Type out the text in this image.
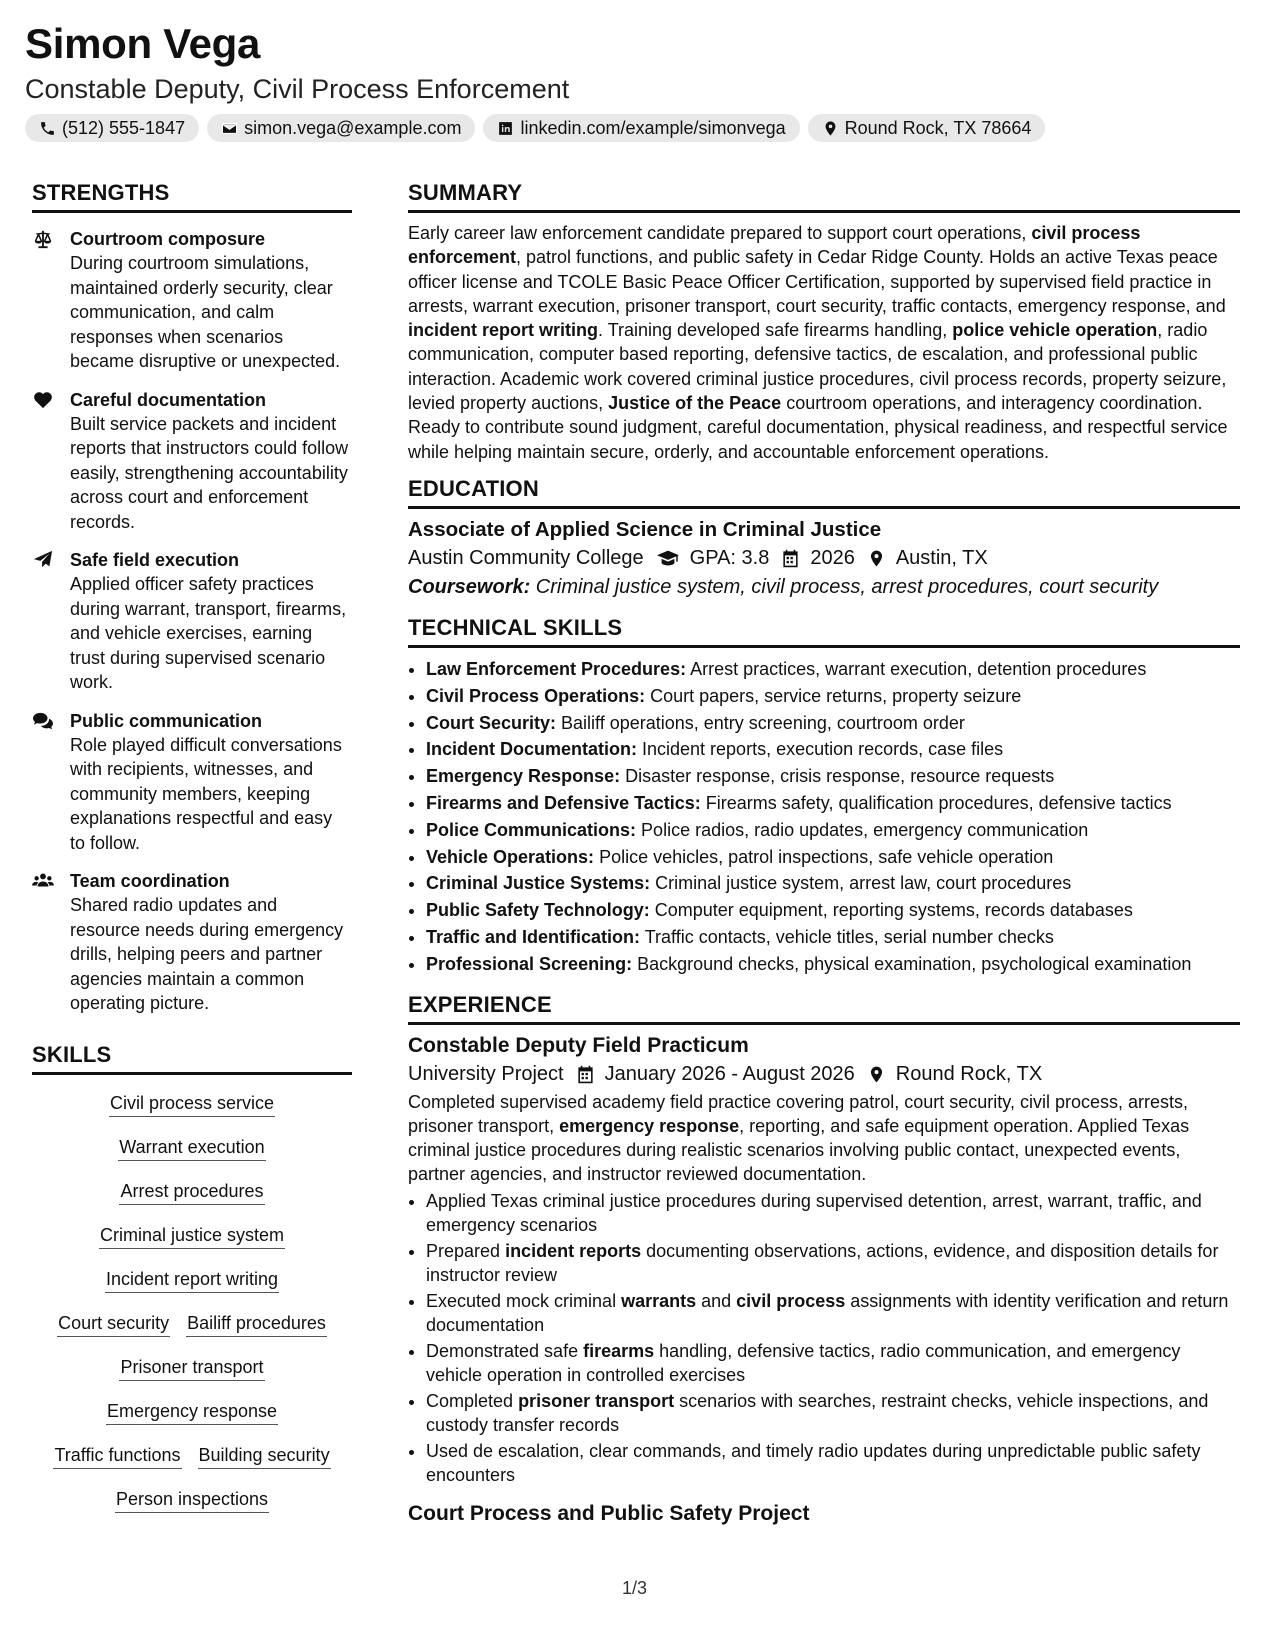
Simon Vega
Constable Deputy, Civil Process Enforcement
(512) 555-1847	simon.vega@example.com	linkedin.com/example/simonvega	Round Rock, TX 78664
STRENGTHS
Courtroom composure
During courtroom simulations, maintained orderly security, clear communication, and calm responses when scenarios became disruptive or unexpected.
Careful documentation
Built service packets and incident reports that instructors could follow easily, strengthening accountability across court and enforcement records.
Safe field execution
Applied officer safety practices during warrant, transport, firearms, and vehicle exercises, earning trust during supervised scenario work.
Public communication
Role played difficult conversations with recipients, witnesses, and community members, keeping explanations respectful and easy to follow.
Team coordination
Shared radio updates and resource needs during emergency drills, helping peers and partner agencies maintain a common operating picture.
SKILLS
Civil process service
Warrant execution
Arrest procedures
Criminal justice system
Incident report writing
Court security Bailiff procedures
Prisoner transport
Emergency response
Traffic functions Building security
Person inspections
SUMMARY
Early career law enforcement candidate prepared to support court operations, civil process enforcement, patrol functions, and public safety in Cedar Ridge County. Holds an active Texas peace officer license and TCOLE Basic Peace Officer Certification, supported by supervised field practice in arrests, warrant execution, prisoner transport, court security, traffic contacts, emergency response, and incident report writing. Training developed safe firearms handling, police vehicle operation, radio communication, computer based reporting, defensive tactics, de escalation, and professional public interaction. Academic work covered criminal justice procedures, civil process records, property seizure, levied property auctions, Justice of the Peace courtroom operations, and interagency coordination. Ready to contribute sound judgment, careful documentation, physical readiness, and respectful service while helping maintain secure, orderly, and accountable enforcement operations.
EDUCATION
Associate of Applied Science in Criminal Justice
Austin Community College GPA: 3.8 2026 Austin, TX
Coursework: Criminal justice system, civil process, arrest procedures, court security
TECHNICAL SKILLS
• Law Enforcement Procedures: Arrest practices, warrant execution, detention procedures
• Civil Process Operations: Court papers, service returns, property seizure
• Court Security: Bailiff operations, entry screening, courtroom order
• Incident Documentation: Incident reports, execution records, case files
• Emergency Response: Disaster response, crisis response, resource requests
• Firearms and Defensive Tactics: Firearms safety, qualification procedures, defensive tactics
• Police Communications: Police radios, radio updates, emergency communication
• Vehicle Operations: Police vehicles, patrol inspections, safe vehicle operation
• Criminal Justice Systems: Criminal justice system, arrest law, court procedures
• Public Safety Technology: Computer equipment, reporting systems, records databases
• Traffic and Identification: Traffic contacts, vehicle titles, serial number checks
• Professional Screening: Background checks, physical examination, psychological examination
EXPERIENCE
Constable Deputy Field Practicum
University Project January 2026 - August 2026 Round Rock, TX
Completed supervised academy field practice covering patrol, court security, civil process, arrests, prisoner transport, emergency response, reporting, and safe equipment operation. Applied Texas criminal justice procedures during realistic scenarios involving public contact, unexpected events, partner agencies, and instructor reviewed documentation.
• Applied Texas criminal justice procedures during supervised detention, arrest, warrant, traffic, and emergency scenarios
• Prepared incident reports documenting observations, actions, evidence, and disposition details for instructor review
• Executed mock criminal warrants and civil process assignments with identity verification and return documentation
• Demonstrated safe firearms handling, defensive tactics, radio communication, and emergency vehicle operation in controlled exercises
• Completed prisoner transport scenarios with searches, restraint checks, vehicle inspections, and custody transfer records
• Used de escalation, clear commands, and timely radio updates during unpredictable public safety encounters
Court Process and Public Safety Project
1/3
